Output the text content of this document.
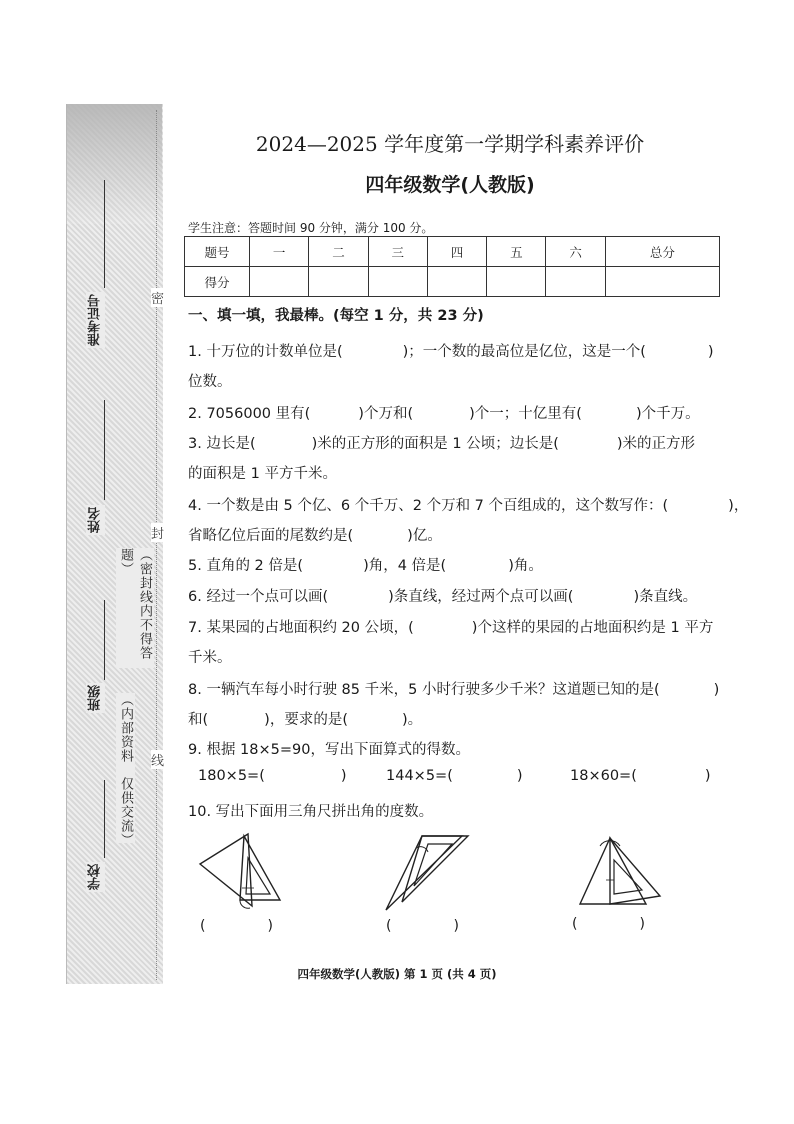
准考证号
姓名
班级
学校
（密封线内不得答题）
（内部资料　仅供交流）
密
封
线
2024—2025 学年度第一学期学科素养评价
四年级数学(人教版)
学生注意：答题时间 90 分钟，满分 100 分。
题号	一	二	三	四	五	六	总分
得分							
一、填一填，我最棒。(每空 1 分，共 23 分)
1. 十万位的计数单位是(	)；一个数的最高位是亿位，这是一个(	)
位数。
2. 7056000 里有(	)个万和(	)个一；十亿里有(	)个千万。
3. 边长是(	)米的正方形的面积是 1 公顷；边长是(	)米的正方形
的面积是 1 平方千米。
4. 一个数是由 5 个亿、6 个千万、2 个万和 7 个百组成的，这个数写作：(	)，
省略亿位后面的尾数约是(	)亿。
5. 直角的 2 倍是(	)角，4 倍是(	)角。
6. 经过一个点可以画(	)条直线，经过两个点可以画(	)条直线。
7. 某果园的占地面积约 20 公顷，(	)个这样的果园的占地面积约是 1 平方
千米。
8. 一辆汽车每小时行驶 85 千米，5 小时行驶多少千米？这道题已知的是(	)
和(	)，要求的是(	)。
9. 根据 18×5=90，写出下面算式的得数。
180×5=(	)	144×5=(	)	18×60=(	)
10. 写出下面用三角尺拼出角的度数。
(	)	(	)	(	)
四年级数学(人教版) 第 1 页 (共 4 页)
